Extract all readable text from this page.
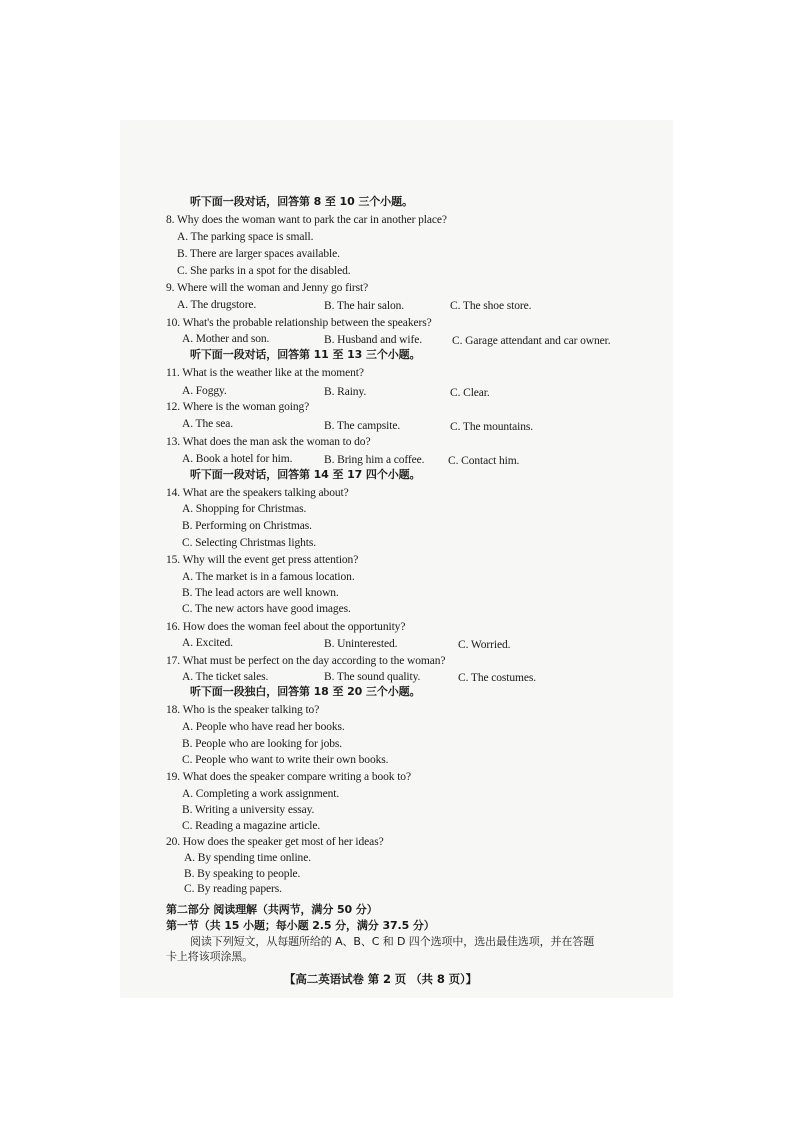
听下面一段对话，回答第 8 至 10 三个小题。
8. Why does the woman want to park the car in another place?
A. The parking space is small.
B. There are larger spaces available.
C. She parks in a spot for the disabled.
9. Where will the woman and Jenny go first?
A. The drugstore.	B. The hair salon.	C. The shoe store.
10. What's the probable relationship between the speakers?
A. Mother and son.	B. Husband and wife.	C. Garage attendant and car owner.
听下面一段对话，回答第 11 至 13 三个小题。
11. What is the weather like at the moment?
A. Foggy.	B. Rainy.	C. Clear.
12. Where is the woman going?
A. The sea.	B. The campsite.	C. The mountains.
13. What does the man ask the woman to do?
A. Book a hotel for him.	B. Bring him a coffee. C. Contact him.
听下面一段对话，回答第 14 至 17 四个小题。
14. What are the speakers talking about?
A. Shopping for Christmas.
B. Performing on Christmas.
C. Selecting Christmas lights.
15. Why will the event get press attention?
A. The market is in a famous location.
B. The lead actors are well known.
C. The new actors have good images.
16. How does the woman feel about the opportunity?
A. Excited.	B. Uninterested.	C. Worried.
17. What must be perfect on the day according to the woman?
A. The ticket sales.	B. The sound quality.	C. The costumes.
听下面一段独白，回答第 18 至 20 三个小题。
18. Who is the speaker talking to?
A. People who have read her books.
B. People who are looking for jobs.
C. People who want to write their own books.
19. What does the speaker compare writing a book to?
A. Completing a work assignment.
B. Writing a university essay.
C. Reading a magazine article.
20. How does the speaker get most of her ideas?
A. By spending time online.
B. By speaking to people.
C. By reading papers.
第二部分 阅读理解（共两节，满分 50 分）
第一节（共 15 小题；每小题 2.5 分，满分 37.5 分）
阅读下列短文，从每题所给的 A、B、C 和 D 四个选项中，选出最佳选项，并在答题
卡上将该项涂黑。
【高二英语试卷 第 2 页 （共 8 页）】
